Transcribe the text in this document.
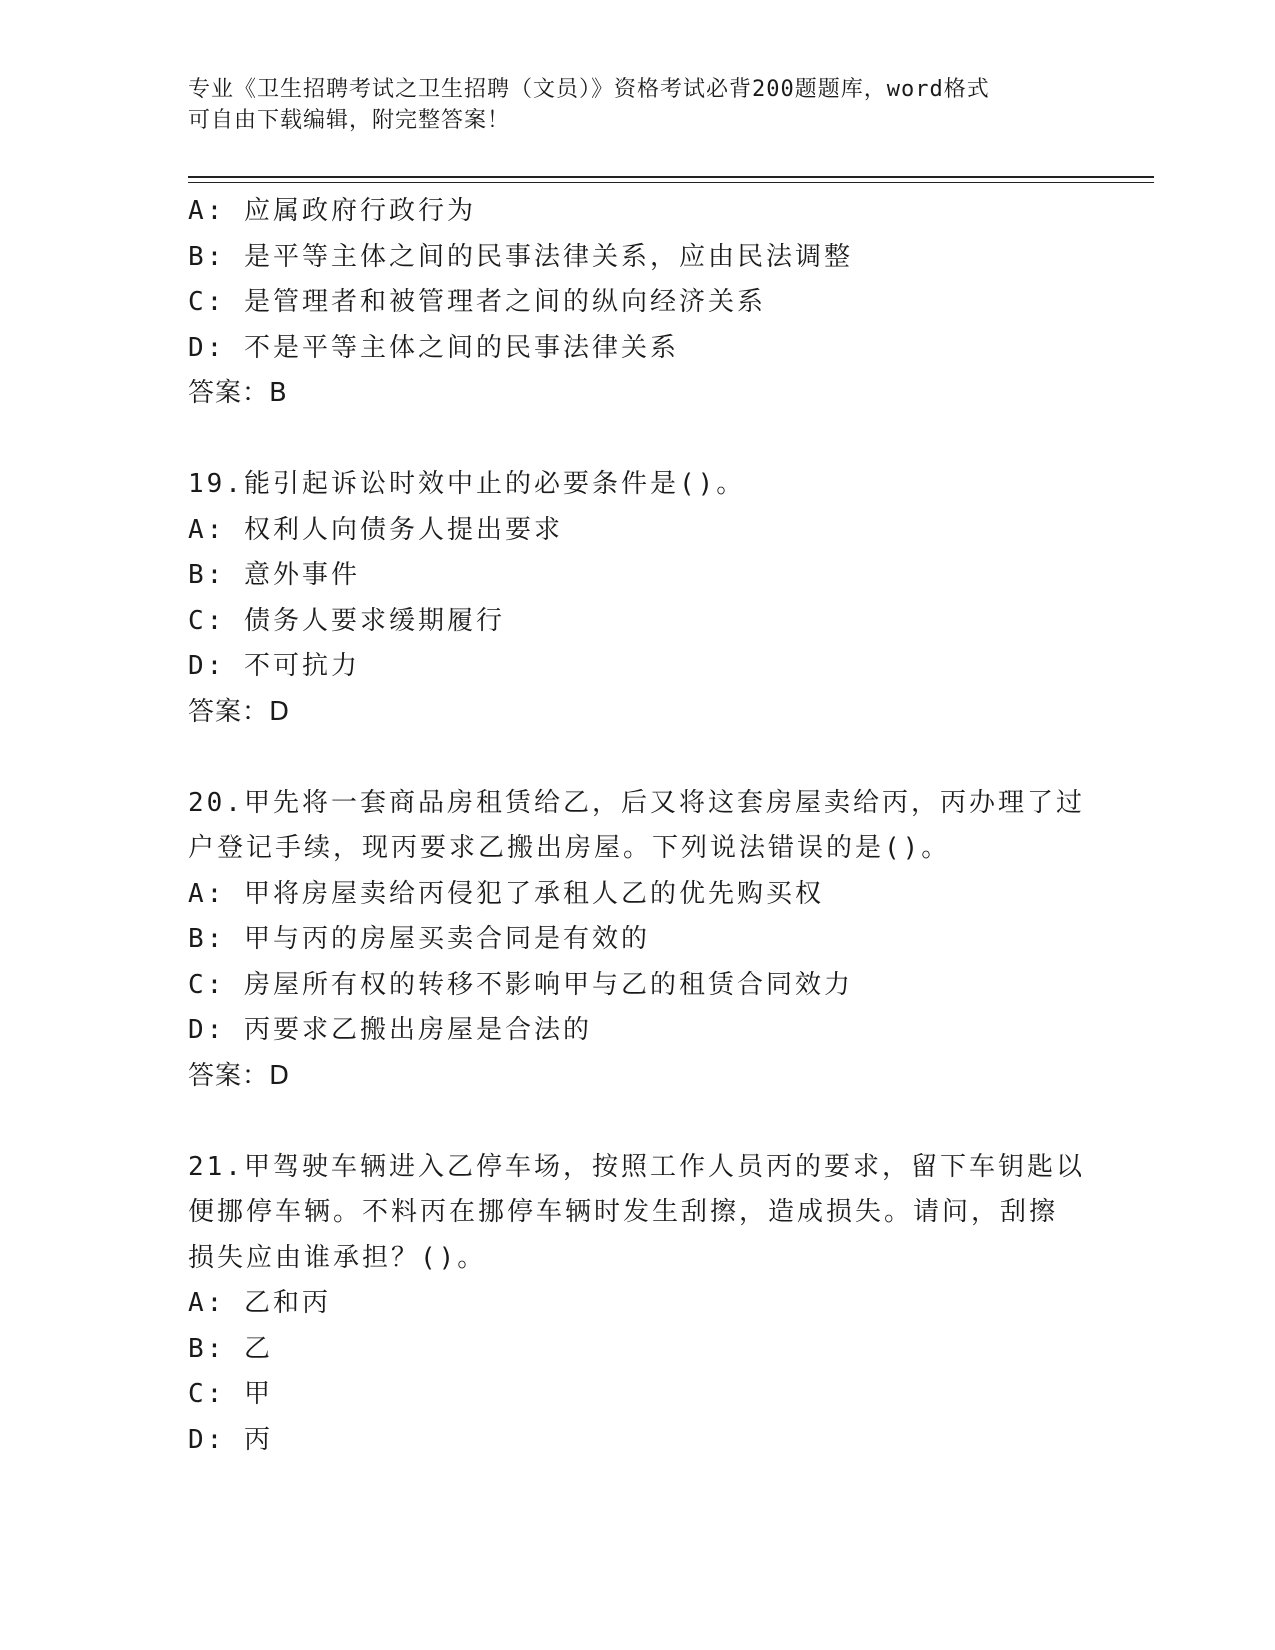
专业《卫生招聘考试之卫生招聘（文员）》资格考试必背200题题库，word格式
可自由下载编辑，附完整答案！
A: 应属政府行政行为
B: 是平等主体之间的民事法律关系，应由民法调整
C: 是管理者和被管理者之间的纵向经济关系
D: 不是平等主体之间的民事法律关系
答案：B
19.能引起诉讼时效中止的必要条件是()。
A: 权利人向债务人提出要求
B: 意外事件
C: 债务人要求缓期履行
D: 不可抗力
答案：D
20.甲先将一套商品房租赁给乙，后又将这套房屋卖给丙，丙办理了过
户登记手续，现丙要求乙搬出房屋。下列说法错误的是()。
A: 甲将房屋卖给丙侵犯了承租人乙的优先购买权
B: 甲与丙的房屋买卖合同是有效的
C: 房屋所有权的转移不影响甲与乙的租赁合同效力
D: 丙要求乙搬出房屋是合法的
答案：D
21.甲驾驶车辆进入乙停车场，按照工作人员丙的要求，留下车钥匙以
便挪停车辆。不料丙在挪停车辆时发生刮擦，造成损失。请问，刮擦
损失应由谁承担？()。
A: 乙和丙
B: 乙
C: 甲
D: 丙
